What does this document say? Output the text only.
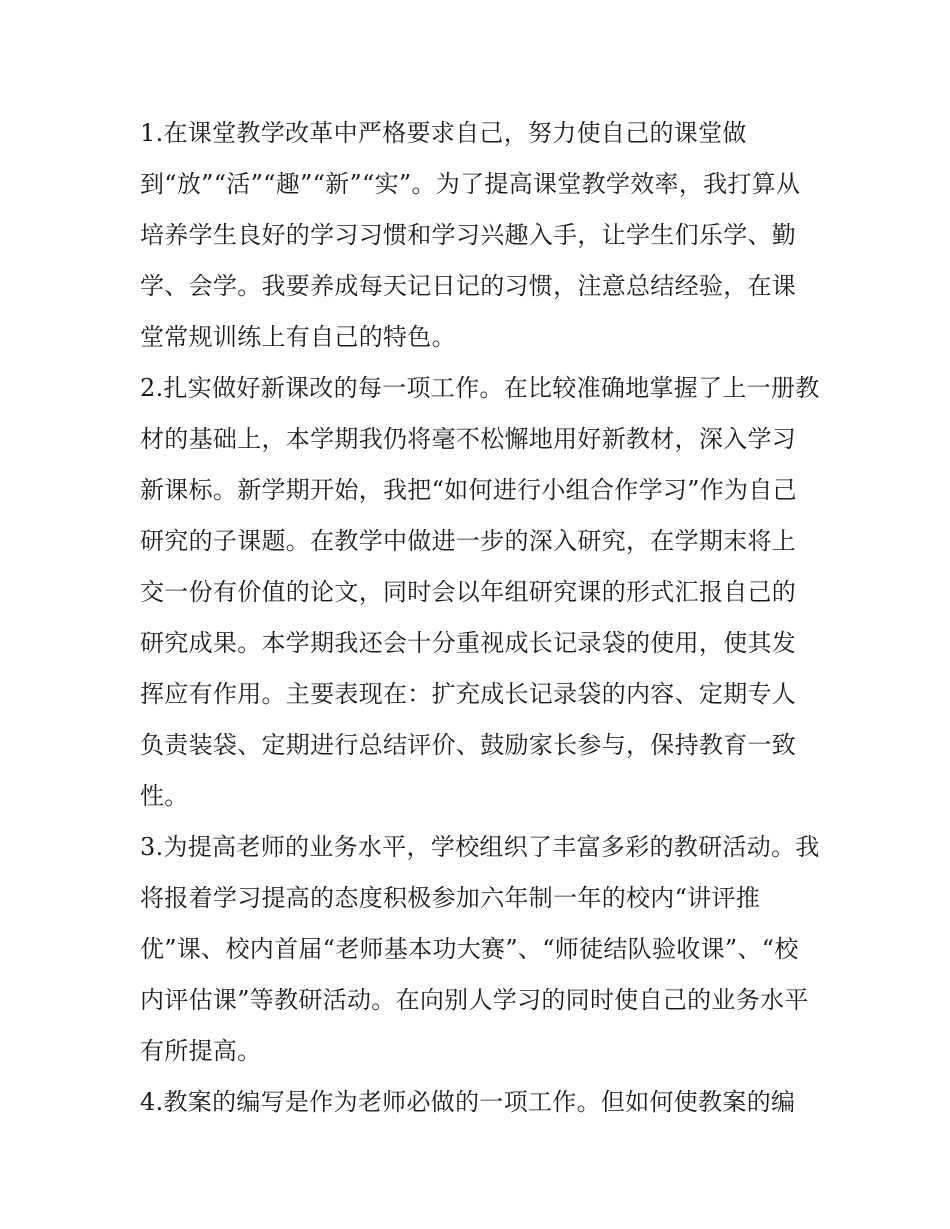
1.在课堂教学改革中严格要求自己，努力使自己的课堂做到“放”“活”“趣”“新”“实”。为了提高课堂教学效率，我打算从培养学生良好的学习习惯和学习兴趣入手，让学生们乐学、勤学、会学。我要养成每天记日记的习惯，注意总结经验，在课堂常规训练上有自己的特色。

2.扎实做好新课改的每一项工作。在比较准确地掌握了上一册教材的基础上，本学期我仍将毫不松懈地用好新教材，深入学习新课标。新学期开始，我把“如何进行小组合作学习”作为自己研究的子课题。在教学中做进一步的深入研究，在学期末将上交一份有价值的论文，同时会以年组研究课的形式汇报自己的研究成果。本学期我还会十分重视成长记录袋的使用，使其发挥应有作用。主要表现在：扩充成长记录袋的内容、定期专人负责装袋、定期进行总结评价、鼓励家长参与，保持教育一致性。

3.为提高老师的业务水平，学校组织了丰富多彩的教研活动。我将报着学习提高的态度积极参加六年制一年的校内“讲评推优”课、校内首届“老师基本功大赛”、“师徒结队验收课”、“校内评估课”等教研活动。在向别人学习的同时使自己的业务水平有所提高。

4.教案的编写是作为老师必做的一项工作。但如何使教案的编
